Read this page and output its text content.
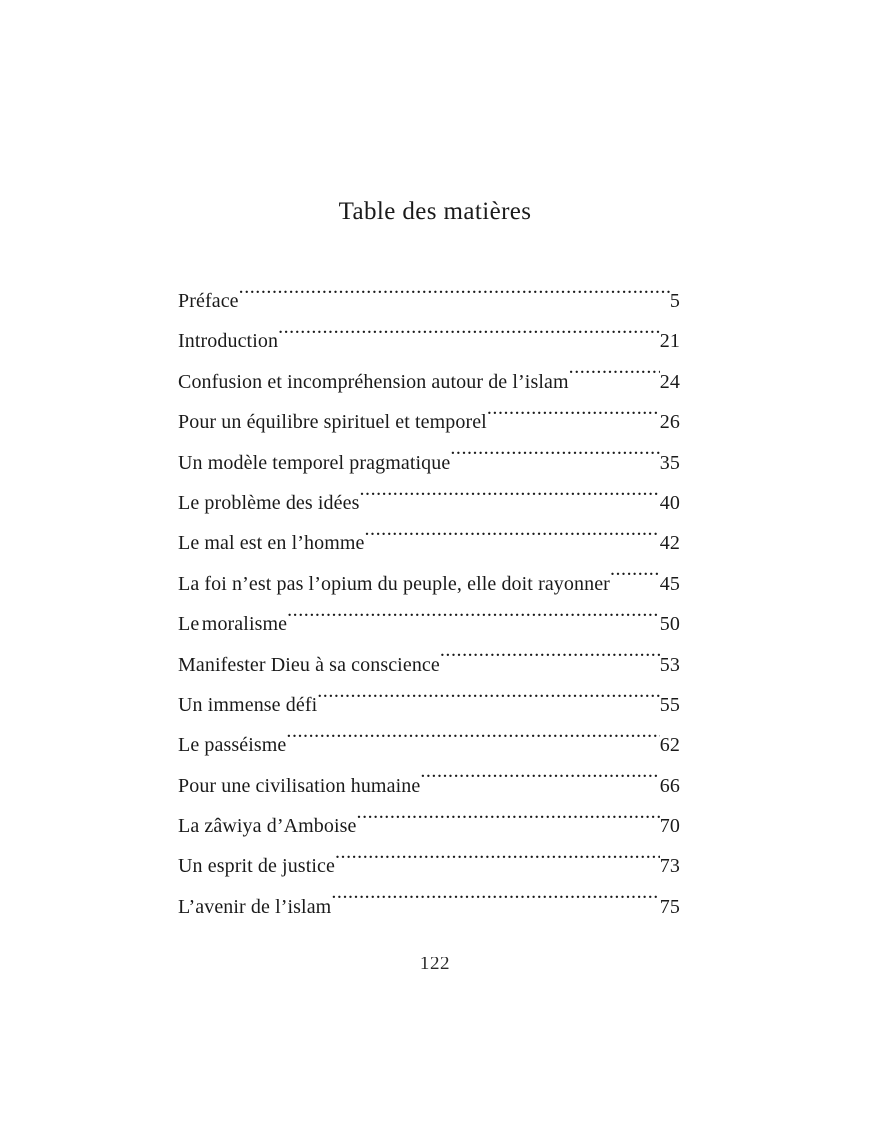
Table des matières
Préface .....	5
Introduction .....	21
Confusion et incompréhension autour de l’islam .....	24
Pour un équilibre spirituel et temporel .....	26
Un modèle temporel pragmatique .....	35
Le problème des idées .....	40
Le mal est en l’homme .....	42
La foi n’est pas l’opium du peuple, elle doit rayonner ..... 45
Le moralisme .....	50
Manifester Dieu à sa conscience .....	53
Un immense défi .....	55
Le passéisme .....	62
Pour une civilisation humaine .....	66
La zâwiya d’Amboise .....	70
Un esprit de justice .....	73
L’avenir de l’islam .....	75
122
